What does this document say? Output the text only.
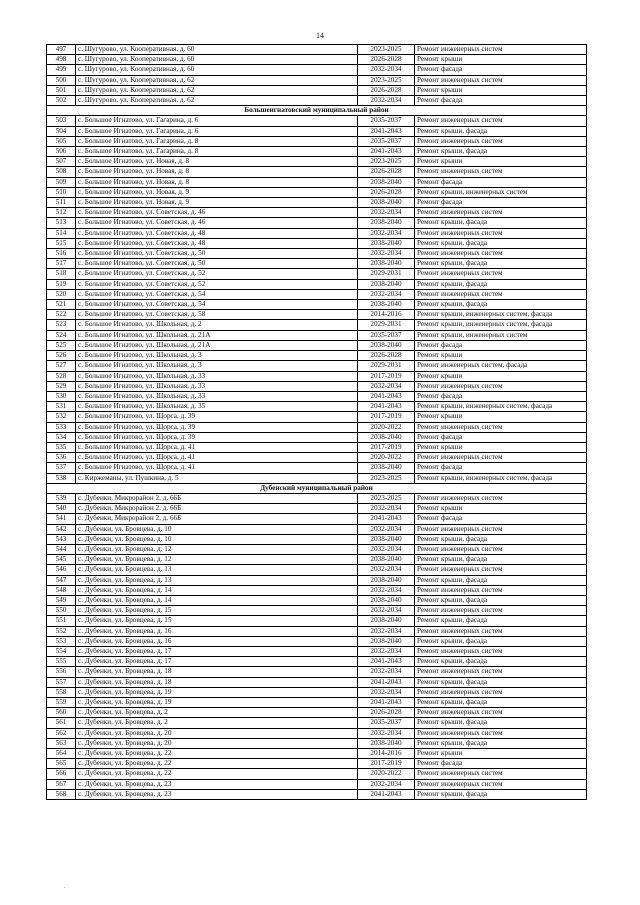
14
497	с. Шугурово, ул. Кооперативная, д. 60	2023-2025	Ремонт инженерных систем
498	с. Шугурово, ул. Кооперативная, д. 60	2026-2028	Ремонт крыши
499	с. Шугурово, ул. Кооперативная, д. 60	2032-2034	Ремонт фасада
500	с. Шугурово, ул. Кооперативная, д. 62	2023-2025	Ремонт инженерных систем
501	с. Шугурово, ул. Кооперативная, д. 62	2026-2028	Ремонт крыши
502	с. Шугурово, ул. Кооперативная, д. 62	2032-2034	Ремонт фасада
Большеигнатовский муниципальный район			
503	с. Большое Игнатово, ул. Гагарина, д. 6	2035-2037	Ремонт инженерных систем
504	с. Большое Игнатово, ул. Гагарина, д. 6	2041-2043	Ремонт крыши, фасада
505	с. Большое Игнатово, ул. Гагарина, д. 8	2035-2037	Ремонт инженерных систем
506	с. Большое Игнатово, ул. Гагарина, д. 8	2041-2043	Ремонт крыши, фасада
507	с. Большое Игнатово, ул. Новая, д. 8	2023-2025	Ремонт крыши
508	с. Большое Игнатово, ул. Новая, д. 8	2026-2028	Ремонт инженерных систем
509	с. Большое Игнатово, ул. Новая, д. 8	2038-2040	Ремонт фасада
510	с. Большое Игнатово, ул. Новая, д. 9	2026-2028	Ремонт крыши, инженерных систем
511	с. Большое Игнатово, ул. Новая, д. 9	2038-2040	Ремонт фасада
512	с. Большое Игнатово, ул. Советская, д. 46	2032-2034	Ремонт инженерных систем
513	с. Большое Игнатово, ул. Советская, д. 46	2038-2040	Ремонт крыши, фасада
514	с. Большое Игнатово, ул. Советская, д. 48	2032-2034	Ремонт инженерных систем
515	с. Большое Игнатово, ул. Советская, д. 48	2038-2040	Ремонт крыши, фасада
516	с. Большое Игнатово, ул. Советская, д. 50	2032-2034	Ремонт инженерных систем
517	с. Большое Игнатово, ул. Советская, д. 50	2038-2040	Ремонт крыши, фасада
518	с. Большое Игнатово, ул. Советская, д. 52	2029-2031	Ремонт инженерных систем
519	с. Большое Игнатово, ул. Советская, д. 52	2038-2040	Ремонт крыши, фасада
520	с. Большое Игнатово, ул. Советская, д. 54	2032-2034	Ремонт инженерных систем
521	с. Большое Игнатово, ул. Советская, д. 54	2038-2040	Ремонт крыши, фасада
522	с. Большое Игнатово, ул. Советская, д. 58	2014-2016	Ремонт крыши, инженерных систем, фасада
523	с. Большое Игнатово, ул. Школьная, д. 2	2029-2031	Ремонт крыши, инженерных систем, фасада
524	с. Большое Игнатово, ул. Школьная, д. 21А	2035-2037	Ремонт крыши, инженерных систем
525	с. Большое Игнатово, ул. Школьная, д. 21А	2038-2040	Ремонт фасада
526	с. Большое Игнатово, ул. Школьная, д. 3	2026-2028	Ремонт крыши
527	с. Большое Игнатово, ул. Школьная, д. 3	2029-2031	Ремонт инженерных систем, фасада
528	с. Большое Игнатово, ул. Школьная, д. 33	2017-2019	Ремонт крыши
529	с. Большое Игнатово, ул. Школьная, д. 33	2032-2034	Ремонт инженерных систем
530	с. Большое Игнатово, ул. Школьная, д. 33	2041-2043	Ремонт фасада
531	с. Большое Игнатово, ул. Школьная, д. 35	2041-2043	Ремонт крыши, инженерных систем, фасада
532	с. Большое Игнатово, ул. Щорса, д. 39	2017-2019	Ремонт крыши
533	с. Большое Игнатово, ул. Щорса, д. 39	2020-2022	Ремонт инженерных систем
534	с. Большое Игнатово, ул. Щорса, д. 39	2038-2040	Ремонт фасада
535	с. Большое Игнатово, ул. Щорса, д. 41	2017-2019	Ремонт крыши
536	с. Большое Игнатово, ул. Щорса, д. 41	2020-2022	Ремонт инженерных систем
537	с. Большое Игнатово, ул. Щорса, д. 41	2038-2040	Ремонт фасада
538	с. Киржеманы, ул. Пушкина, д. 5	2023-2025	Ремонт крыши, инженерных систем, фасада
Дубенский муниципальный район			
539	с. Дубенки, Микрорайон 2, д. 66Б	2023-2025	Ремонт инженерных систем
540	с. Дубенки, Микрорайон 2, д. 66Б	2032-2034	Ремонт крыши
541	с. Дубенки, Микрорайон 2, д. 66Б	2041-2043	Ремонт фасада
542	с. Дубенки, ул. Бровцева, д. 10	2032-2034	Ремонт инженерных систем
543	с. Дубенки, ул. Бровцева, д. 10	2038-2040	Ремонт крыши, фасада
544	с. Дубенки, ул. Бровцева, д. 12	2032-2034	Ремонт инженерных систем
545	с. Дубенки, ул. Бровцева, д. 12	2038-2040	Ремонт крыши, фасада
546	с. Дубенки, ул. Бровцева, д. 13	2032-2034	Ремонт инженерных систем
547	с. Дубенки, ул. Бровцева, д. 13	2038-2040	Ремонт крыши, фасада
548	с. Дубенки, ул. Бровцева, д. 14	2032-2034	Ремонт инженерных систем
549	с. Дубенки, ул. Бровцева, д. 14	2038-2040	Ремонт крыши, фасада
550	с. Дубенки, ул. Бровцева, д. 15	2032-2034	Ремонт инженерных систем
551	с. Дубенки, ул. Бровцева, д. 15	2038-2040	Ремонт крыши, фасада
552	с. Дубенки, ул. Бровцева, д. 16	2032-2034	Ремонт инженерных систем
553	с. Дубенки, ул. Бровцева, д. 16	2038-2040	Ремонт крыши, фасада
554	с. Дубенки, ул. Бровцева, д. 17	2032-2034	Ремонт инженерных систем
555	с. Дубенки, ул. Бровцева, д. 17	2041-2043	Ремонт крыши, фасада
556	с. Дубенки, ул. Бровцева, д. 18	2032-2034	Ремонт инженерных систем
557	с. Дубенки, ул. Бровцева, д. 18	2041-2043	Ремонт крыши, фасада
558	с. Дубенки, ул. Бровцева, д. 19	2032-2034	Ремонт инженерных систем
559	с. Дубенки, ул. Бровцева, д. 19	2041-2043	Ремонт крыши, фасада
560	с. Дубенки, ул. Бровцева, д. 2	2026-2028	Ремонт инженерных систем
561	с. Дубенки, ул. Бровцева, д. 2	2035-2037	Ремонт крыши, фасада
562	с. Дубенки, ул. Бровцева, д. 20	2032-2034	Ремонт инженерных систем
563	с. Дубенки, ул. Бровцева, д. 20	2038-2040	Ремонт крыши, фасада
564	с. Дубенки, ул. Бровцева, д. 22	2014-2016	Ремонт крыши
565	с. Дубенки, ул. Бровцева, д. 22	2017-2019	Ремонт фасада
566	с. Дубенки, ул. Бровцева, д. 22	2020-2022	Ремонт инженерных систем
567	с. Дубенки, ул. Бровцева, д. 23	2032-2034	Ремонт инженерных систем
568	с. Дубенки, ул. Бровцева, д. 23	2041-2043	Ремонт крыши, фасада
.
